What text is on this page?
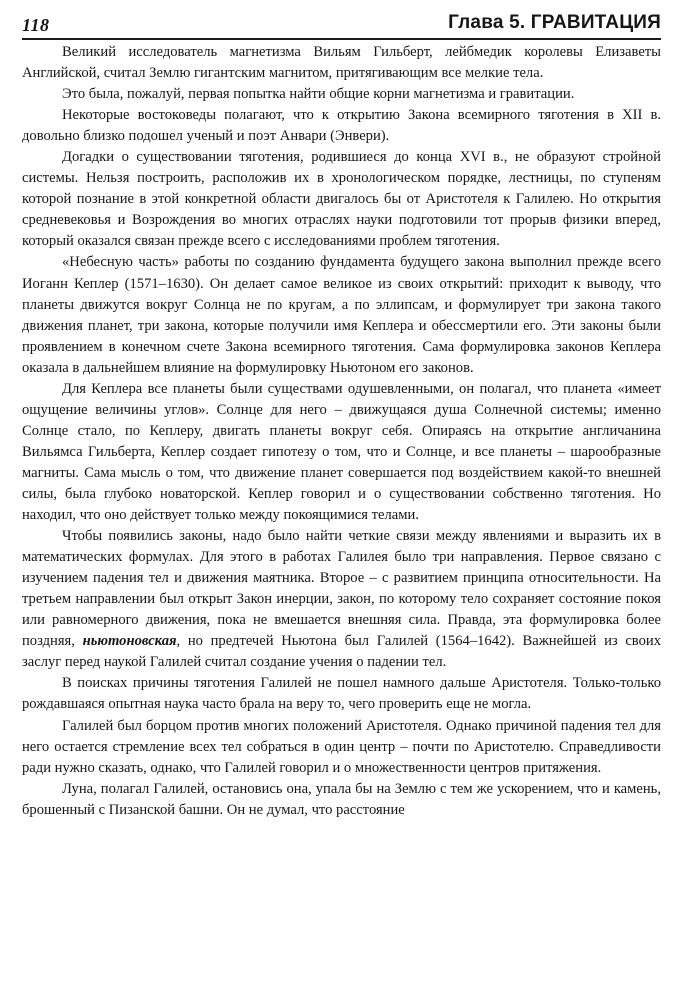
118	Глава 5. ГРАВИТАЦИЯ

Великий исследователь магнетизма Вильям Гильберт, лейбмедик королевы Елизаветы Английской, считал Землю гигантским магнитом, притягивающим все мелкие тела.

Это была, пожалуй, первая попытка найти общие корни магнетизма и гравитации.

Некоторые востоковеды полагают, что к открытию Закона всемирного тяготения в XII в. довольно близко подошел ученый и поэт Анвари (Энвери).

Догадки о существовании тяготения, родившиеся до конца XVI в., не образуют стройной системы. Нельзя построить, расположив их в хронологическом порядке, лестницы, по ступеням которой познание в этой конкретной области двигалось бы от Аристотеля к Галилею. Но открытия средневековья и Возрождения во многих отраслях науки подготовили тот прорыв физики вперед, который оказался связан прежде всего с исследованиями проблем тяготения.

«Небесную часть» работы по созданию фундамента будущего закона выполнил прежде всего Иоганн Кеплер (1571–1630). Он делает самое великое из своих открытий: приходит к выводу, что планеты движутся вокруг Солнца не по кругам, а по эллипсам, и формулирует три закона такого движения планет, три закона, которые получили имя Кеплера и обессмертили его. Эти законы были проявлением в конечном счете Закона всемирного тяготения. Сама формулировка законов Кеплера оказала в дальнейшем влияние на формулировку Ньютоном его законов.

Для Кеплера все планеты были существами одушевленными, он полагал, что планета «имеет ощущение величины углов». Солнце для него – движущаяся душа Солнечной системы; именно Солнце стало, по Кеплеру, двигать планеты вокруг себя. Опираясь на открытие англичанина Вильямса Гильберта, Кеплер создает гипотезу о том, что и Солнце, и все планеты – шарообразные магниты. Сама мысль о том, что движение планет совершается под воздействием какой-то внешней силы, была глубоко новаторской. Кеплер говорил и о существовании собственно тяготения. Но находил, что оно действует только между покоящимися телами.

Чтобы появились законы, надо было найти четкие связи между явлениями и выразить их в математических формулах. Для этого в работах Галилея было три направления. Первое связано с изучением падения тел и движения маятника. Второе – с развитием принципа относительности. На третьем направлении был открыт Закон инерции, закон, по которому тело сохраняет состояние покоя или равномерного движения, пока не вмешается внешняя сила. Правда, эта формулировка более поздняя, ньютоновская, но предтечей Ньютона был Галилей (1564–1642). Важнейшей из своих заслуг перед наукой Галилей считал создание учения о падении тел.

В поисках причины тяготения Галилей не пошел намного дальше Аристотеля. Только-только рождавшаяся опытная наука часто брала на веру то, чего проверить еще не могла.

Галилей был борцом против многих положений Аристотеля. Однако причиной падения тел для него остается стремление всех тел собраться в один центр – почти по Аристотелю. Справедливости ради нужно сказать, однако, что Галилей говорил и о множественности центров притяжения.

Луна, полагал Галилей, остановись она, упала бы на Землю с тем же ускорением, что и камень, брошенный с Пизанской башни. Он не думал, что расстояние
